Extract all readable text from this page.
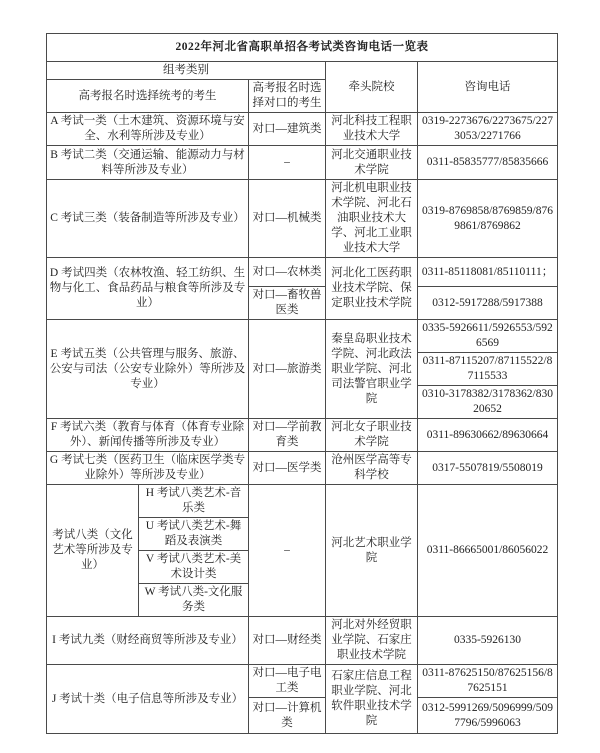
2022年河北省高职单招各考试类咨询电话一览表				
组考类别			牵头院校	咨询电话
高考报名时选择统考的考生		高考报名时选择对口的考生		
A 考试一类（土木建筑、资源环境与安全、水利等所涉及专业）		对口—建筑类	河北科技工程职业技术大学	0319-2273676/2273675/2273053/2271766
B 考试二类（交通运输、能源动力与材料等所涉及专业）		–	河北交通职业技术学院	0311-85835777/85835666
C 考试三类（装备制造等所涉及专业）		对口—机械类	河北机电职业技术学院、河北石油职业技术大学、河北工业职业技术大学	0319-8769858/8769859/8769861/8769862
D 考试四类（农林牧渔、轻工纺织、生物与化工、食品药品与粮食等所涉及专业）		对口—农林类	河北化工医药职业技术学院、保定职业技术学院	0311-85118081/85110111；
		对口—畜牧兽医类		0312-5917288/5917388
E 考试五类（公共管理与服务、旅游、公安与司法（公安专业除外）等所涉及专业）		对口—旅游类	秦皇岛职业技术学院、河北政法职业学院、河北司法警官职业学院	0335-5926611/5926553/5926569
				0311-87115207/87115522/87115533
				0310-3178382/3178362/83020652
F 考试六类（教育与体育（体育专业除外）、新闻传播等所涉及专业）		对口—学前教育类	河北女子职业技术学院	0311-89630662/89630664
G 考试七类（医药卫生（临床医学类专业除外）等所涉及专业）		对口—医学类	沧州医学高等专科学校	0317-5507819/5508019
考试八类（文化艺术等所涉及专业）	H 考试八类艺术-音乐类	–	河北艺术职业学院	0311-86665001/86056022
	U 考试八类艺术-舞蹈及表演类			
	V 考试八类艺术-美术设计类			
	W 考试八类-文化服务类			
I 考试九类（财经商贸等所涉及专业）		对口—财经类	河北对外经贸职业学院、石家庄职业技术学院	0335-5926130
J 考试十类（电子信息等所涉及专业）		对口—电子电工类	石家庄信息工程职业学院、河北软件职业技术学院	0311-87625150/87625156/87625151
		对口—计算机类		0312-5991269/5096999/5097796/5996063
